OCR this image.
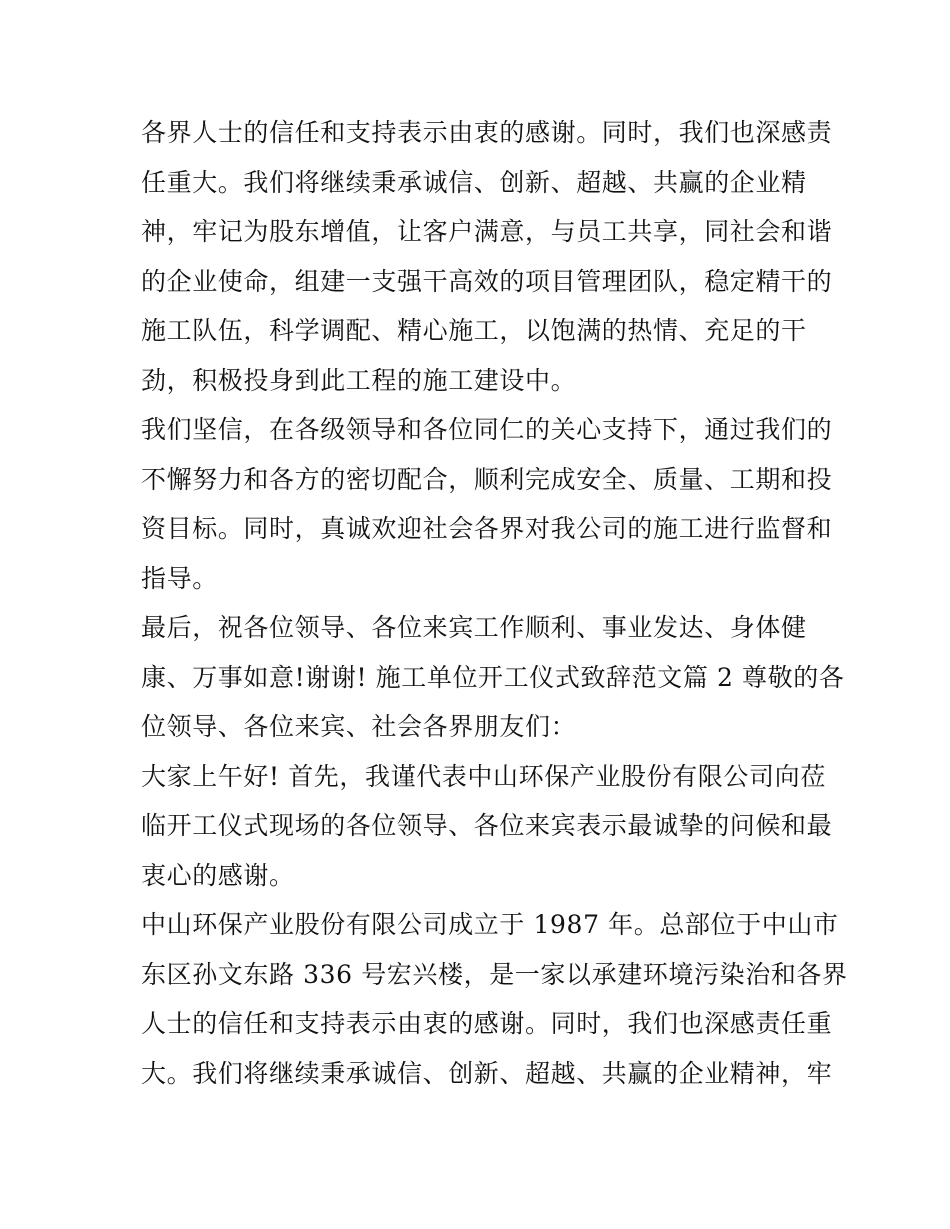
各界人士的信任和支持表示由衷的感谢。同时，我们也深感责
任重大。我们将继续秉承诚信、创新、超越、共赢的企业精
神，牢记为股东增值，让客户满意，与员工共享，同社会和谐
的企业使命，组建一支强干高效的项目管理团队，稳定精干的
施工队伍，科学调配、精心施工，以饱满的热情、充足的干
劲，积极投身到此工程的施工建设中。
我们坚信，在各级领导和各位同仁的关心支持下，通过我们的
不懈努力和各方的密切配合，顺利完成安全、质量、工期和投
资目标。同时，真诚欢迎社会各界对我公司的施工进行监督和
指导。
最后，祝各位领导、各位来宾工作顺利、事业发达、身体健
康、万事如意!谢谢! 施工单位开工仪式致辞范文篇 2 尊敬的各
位领导、各位来宾、社会各界朋友们：
大家上午好! 首先，我谨代表中山环保产业股份有限公司向莅
临开工仪式现场的各位领导、各位来宾表示最诚挚的问候和最
衷心的感谢。
中山环保产业股份有限公司成立于 1987 年。总部位于中山市
东区孙文东路 336 号宏兴楼，是一家以承建环境污染治和各界
人士的信任和支持表示由衷的感谢。同时，我们也深感责任重
大。我们将继续秉承诚信、创新、超越、共赢的企业精神，牢
